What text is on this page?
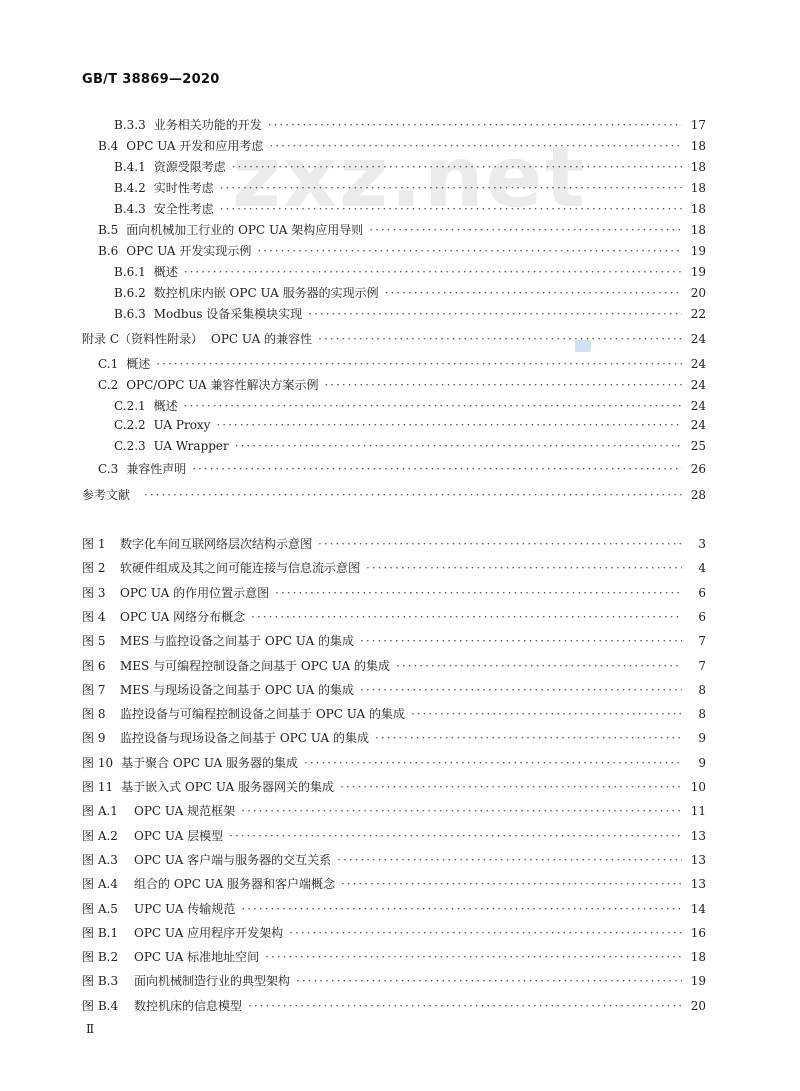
GB/T 38869—2020
zxz.net
B.3.3 业务相关功能的开发 ·····	17
B.4 OPC UA 开发和应用考虑 ·····	18
B.4.1 资源受限考虑 ·····	18
B.4.2 实时性考虑 ·····	18
B.4.3 安全性考虑 ·····	18
B.5 面向机械加工行业的 OPC UA 架构应用导则 ·····	18
B.6 OPC UA 开发实现示例 ·····	19
B.6.1 概述 ·····	19
B.6.2 数控机床内嵌 OPC UA 服务器的实现示例 ·····	20
B.6.3 Modbus 设备采集模块实现 ·····	22
附录 C（资料性附录） OPC UA 的兼容性 ·····	24
C.1 概述 ·····	24
C.2 OPC/OPC UA 兼容性解决方案示例 ·····	24
C.2.1 概述 ·····	24
C.2.2 UA Proxy ·····	24
C.2.3 UA Wrapper ·····	25
C.3 兼容性声明 ·····	26
参考文献 ·····	28
图 1	数字化车间互联网络层次结构示意图 ·····	3
图 2	软硬件组成及其之间可能连接与信息流示意图 ·····	4
图 3	OPC UA 的作用位置示意图 ·····	6
图 4	OPC UA 网络分布概念 ·····	6
图 5	MES 与监控设备之间基于 OPC UA 的集成 ·····	7
图 6	MES 与可编程控制设备之间基于 OPC UA 的集成 ·····	7
图 7	MES 与现场设备之间基于 OPC UA 的集成 ·····	8
图 8	监控设备与可编程控制设备之间基于 OPC UA 的集成 ·····	8
图 9	监控设备与现场设备之间基于 OPC UA 的集成 ·····	9
图 10 基于聚合 OPC UA 服务器的集成 ·····	9
图 11 基于嵌入式 OPC UA 服务器网关的集成 ·····	10
图 A.1	OPC UA 规范框架 ·····	11
图 A.2	OPC UA 层模型 ·····	13
图 A.3	OPC UA 客户端与服务器的交互关系 ·····	13
图 A.4	组合的 OPC UA 服务器和客户端概念 ·····	13
图 A.5	UPC UA 传输规范 ·····	14
图 B.1	OPC UA 应用程序开发架构 ·····	16
图 B.2	OPC UA 标准地址空间 ·····	18
图 B.3	面向机械制造行业的典型架构 ·····	19
图 B.4	数控机床的信息模型 ·····	20
Ⅱ
